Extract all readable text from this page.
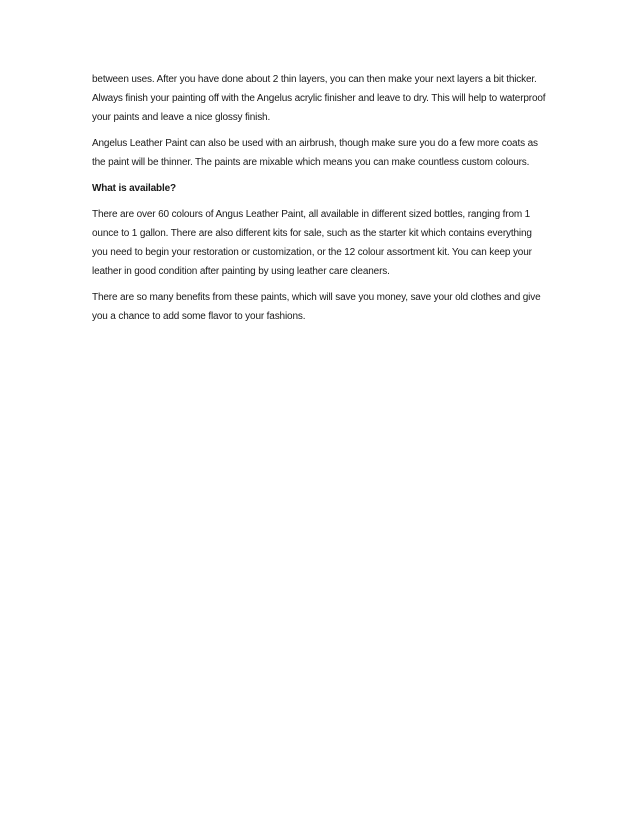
between uses. After you have done about 2 thin layers, you can then make your next layers a bit thicker. Always finish your painting off with the Angelus acrylic finisher and leave to dry. This will help to waterproof your paints and leave a nice glossy finish.

Angelus Leather Paint can also be used with an airbrush, though make sure you do a few more coats as the paint will be thinner. The paints are mixable which means you can make countless custom colours.

What is available?

There are over 60 colours of Angus Leather Paint, all available in different sized bottles, ranging from 1 ounce to 1 gallon. There are also different kits for sale, such as the starter kit which contains everything you need to begin your restoration or customization, or the 12 colour assortment kit. You can keep your leather in good condition after painting by using leather care cleaners.

There are so many benefits from these paints, which will save you money, save your old clothes and give you a chance to add some flavor to your fashions.
